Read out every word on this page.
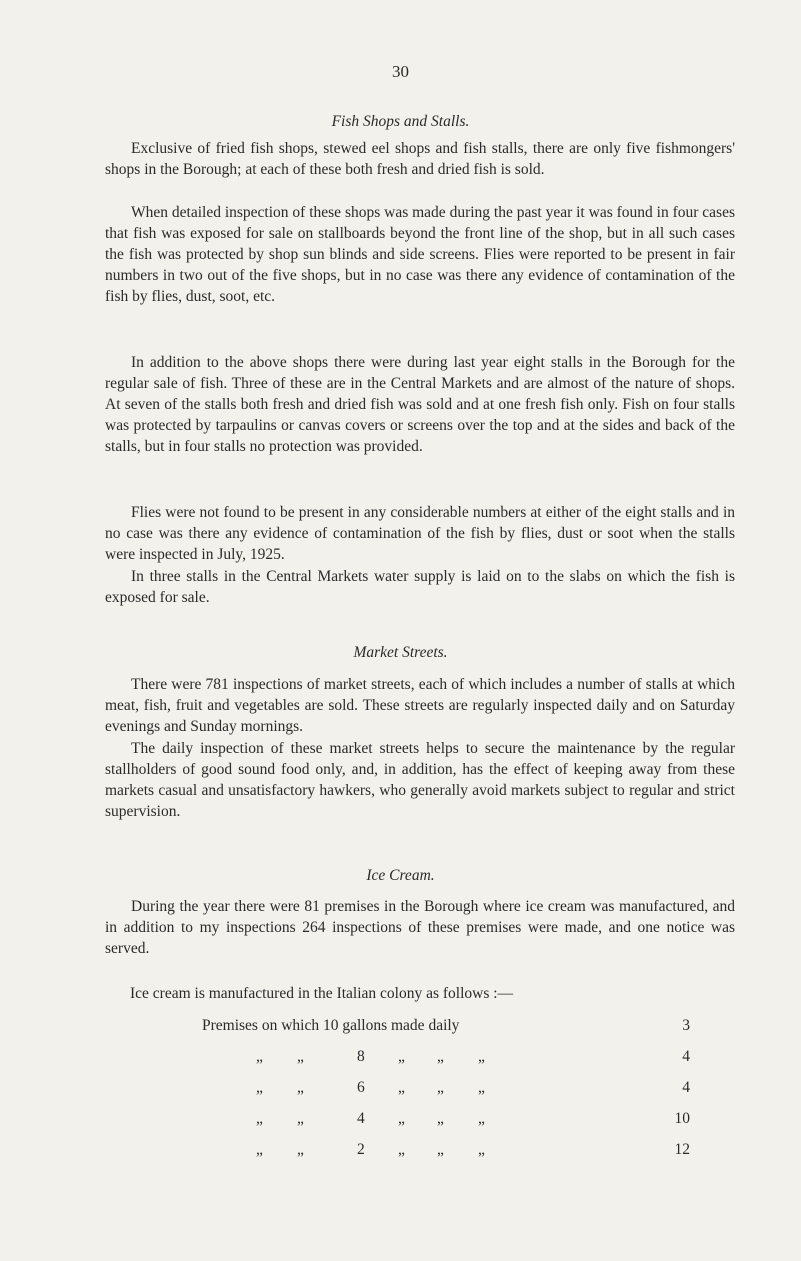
30
Fish Shops and Stalls.

Exclusive of fried fish shops, stewed eel shops and fish stalls, there are only five fishmongers' shops in the Borough; at each of these both fresh and dried fish is sold.

When detailed inspection of these shops was made during the past year it was found in four cases that fish was exposed for sale on stallboards beyond the front line of the shop, but in all such cases the fish was protected by shop sun blinds and side screens. Flies were reported to be present in fair numbers in two out of the five shops, but in no case was there any evidence of contamination of the fish by flies, dust, soot, etc.

In addition to the above shops there were during last year eight stalls in the Borough for the regular sale of fish. Three of these are in the Central Markets and are almost of the nature of shops. At seven of the stalls both fresh and dried fish was sold and at one fresh fish only. Fish on four stalls was protected by tarpaulins or canvas covers or screens over the top and at the sides and back of the stalls, but in four stalls no protection was provided.

Flies were not found to be present in any considerable numbers at either of the eight stalls and in no case was there any evidence of contamination of the fish by flies, dust or soot when the stalls were inspected in July, 1925.

In three stalls in the Central Markets water supply is laid on to the slabs on which the fish is exposed for sale.

Market Streets.

There were 781 inspections of market streets, each of which includes a number of stalls at which meat, fish, fruit and vegetables are sold. These streets are regularly inspected daily and on Saturday evenings and Sunday mornings.

The daily inspection of these market streets helps to secure the maintenance by the regular stallholders of good sound food only, and, in addition, has the effect of keeping away from these markets casual and unsatisfactory hawkers, who generally avoid markets subject to regular and strict supervision.

Ice Cream.

During the year there were 81 premises in the Borough where ice cream was manufactured, and in addition to my inspections 264 inspections of these premises were made, and one notice was served.

Ice cream is manufactured in the Italian colony as follows :—
Premises on which 10 gallons made daily	3
„ „	8 „ „ „	4
„ „	6 „ „ „	4
„ „	4 „ „ „	10
„ „	2 „ „ „	12
